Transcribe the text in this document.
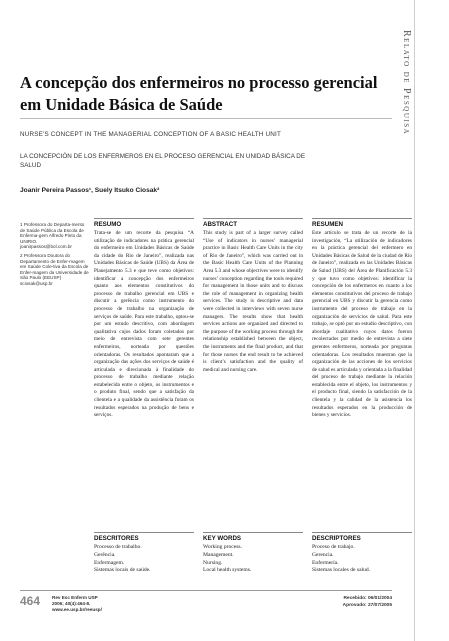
Relato de Pesquisa
A concepção dos enfermeiros no processo gerencial em Unidade Básica de Saúde
NURSE'S CONCEPT IN THE MANAGERIAL CONCEPTION OF A BASIC HEALTH UNIT
LA CONCEPCIÓN DE LOS ENFERMEROS EN EL PROCESO GERENCIAL EN UNIDAD BÁSICA DE SALUD
Joanir Pereira Passos¹, Suely Itsuko Ciosak²

1 Professora do Departa-mento de Saúde Pública da Escola de Enferma-gem Alfredo Pinto da UNIRIO. joanirpassos@bol.com.br

2 Professora Doutora do Departamento de Enfer-magem em Saúde Cole-tiva da Escola de Enfer-magem da Universidade de São Paulo (EEUSP) sciosak@usp.br

RESUMO

Trata-se de um recorte da pesquisa “A utilização de indicadores na prática gerencial do enfermeiro em Unidades Básicas de Saúde da cidade do Rio de Janeiro”, realizada nas Unidades Básicas de Saúde (UBS) da Área de Planejamento 5.3 e que teve como objetivos: identificar a concepção dos enfermeiros quanto aos elementos constitutivos do processo de trabalho gerencial em UBS e discutir a gerência como instrumento do processo de trabalho na organização de serviços de saúde. Para este trabalho, optou-se por um estudo descritivo, com abordagem qualitativa cujos dados foram coletados por meio de entrevista com sete gerentes enfermeiros, norteada por questões orientadoras. Os resultados apontaram que a organização das ações dos serviços de saúde é articulada e direcionada à finalidade do processo de trabalho mediante relação estabelecida entre o objeto, os instrumentos e o produto final, sendo que a satisfação da clientela e a qualidade da assistência foram os resultados esperados na produção de bens e serviços.

ABSTRACT

This study is part of a larger survey called “Use of indicators in nurses’ managerial practice in Basic Health Care Units in the city of Rio de Janeiro”, which was carried out in the Basic Health Care Units of the Planning Area 5.3 and whose objectives were to identify nurses’ conception regarding the tools required for management in those units and to discuss the role of management in organizing health services. The study is descriptive and data were collected in interviews with seven nurse managers. The results show that health services actions are organized and directed to the purpose of the working process through the relationship established between the object, the instruments and the final product, and that for those nurses the end result to be achieved is client’s satisfaction and the quality of medical and nursing care.

RESUMEN

Este artículo se trata de un recorte de la investigación, “La utilización de indicadores en la práctica gerencial del enfermero en Unidades Básicas de Salud de la ciudad de Río de Janeiro”, realizada en las Unidades Básicas de Salud (UBS) del Área de Planificación 5.3 y que tuvo como objetivos: identificar la concepción de los enfermeros en cuanto a los elementos constitutivos del proceso de trabajo gerencial en UBS y discutir la gerencia como instrumento del proceso de trabajo en la organización de servicios de salud. Para este trabajo, se optó por un estudio descriptivo, con abordaje cualitativo cuyos datos fueron recolectados por medio de entrevista a siete gerentes enfermeros, norteada por preguntas orientadoras. Los resultados muestran que la organización de las acciones de los servicios de salud es articulada y orientada a la finalidad del proceso de trabajo mediante la relación establecida entre el objeto, los instrumentos y el producto final, siendo la satisfacción de la clientela y la calidad de la asistencia los resultados esperados en la producción de bienes y servicios.

DESCRITORES
Processo de trabalho.
Gerência.
Enfermagem.
Sistemas locais de saúde.
KEY WORDS
Working process.
Management.
Nursing.
Local health systems.
DESCRIPTORES
Proceso de trabajo.
Gerencia.
Enfermería.
Sistemas locales de salud.
464	Rev Esc Enferm USP
2006; 40(4):464-8.
www.ee.usp.br/reeusp/
Recebido: 06/01/2004
Aprovado: 27/07/2005
